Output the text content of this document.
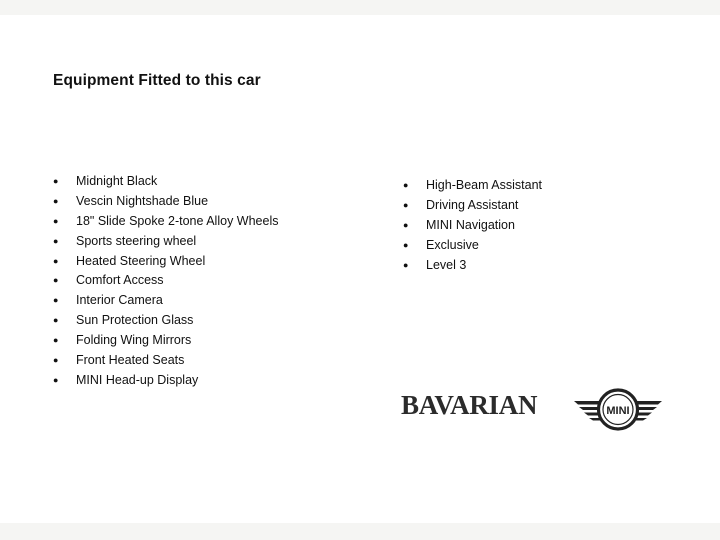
Equipment Fitted to this car
● Midnight Black
● Vescin Nightshade Blue
● 18" Slide Spoke 2-tone Alloy Wheels
● Sports steering wheel
● Heated Steering Wheel
● Comfort Access
● Interior Camera
● Sun Protection Glass
● Folding Wing Mirrors
● Front Heated Seats
● MINI Head-up Display
● High-Beam Assistant
● Driving Assistant
● MINI Navigation
● Exclusive
● Level 3
BAVARIAN	MINI
